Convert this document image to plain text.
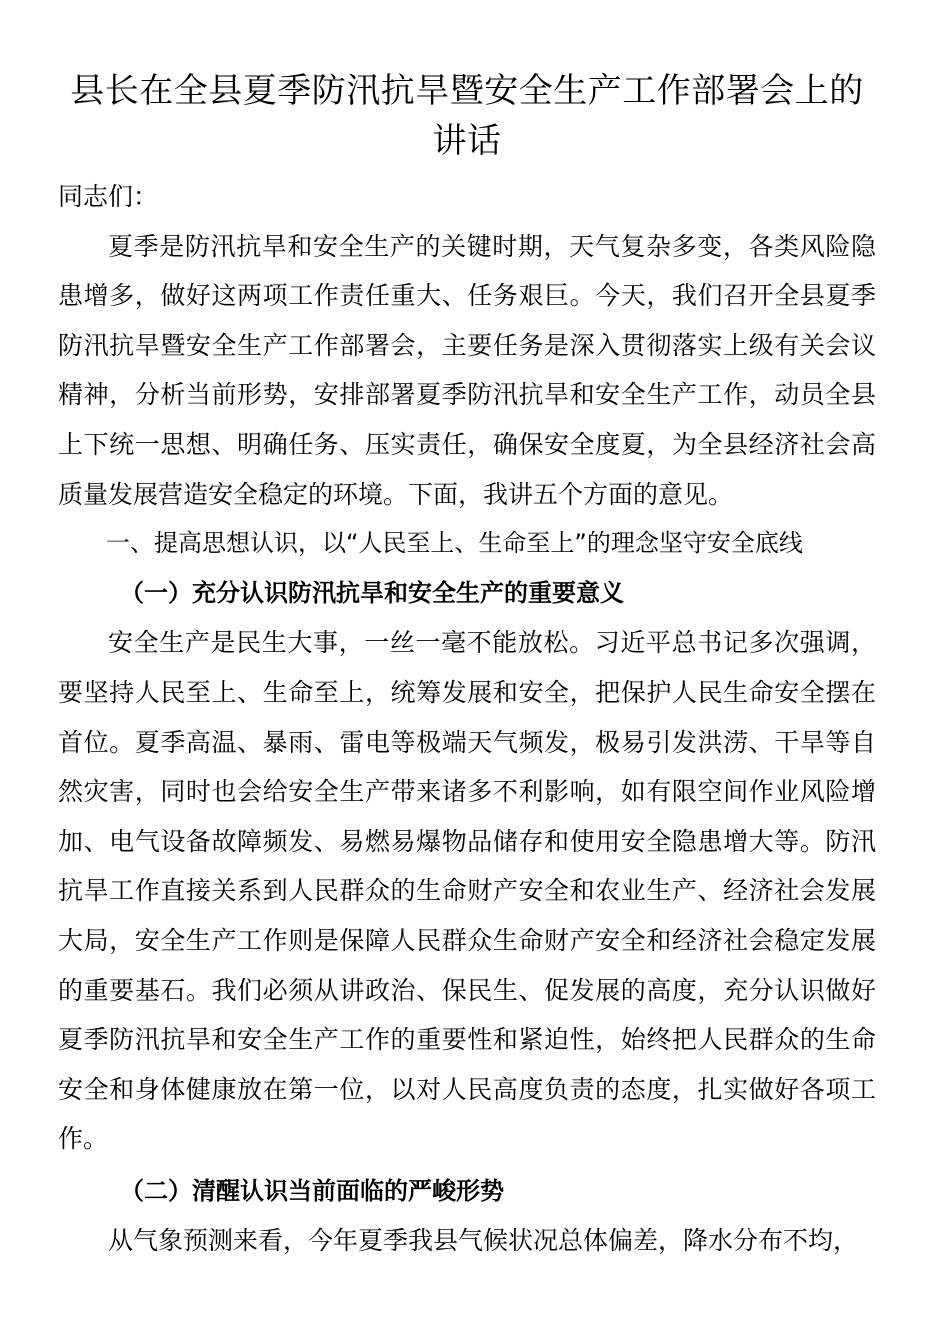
县长在全县夏季防汛抗旱暨安全生产工作部署会上的讲话

同志们：

夏季是防汛抗旱和安全生产的关键时期，天气复杂多变，各类风险隐患增多，做好这两项工作责任重大、任务艰巨。今天，我们召开全县夏季防汛抗旱暨安全生产工作部署会，主要任务是深入贯彻落实上级有关会议精神，分析当前形势，安排部署夏季防汛抗旱和安全生产工作，动员全县上下统一思想、明确任务、压实责任，确保安全度夏，为全县经济社会高质量发展营造安全稳定的环境。下面，我讲五个方面的意见。

一、提高思想认识，以“人民至上、生命至上”的理念坚守安全底线

（一）充分认识防汛抗旱和安全生产的重要意义

安全生产是民生大事，一丝一毫不能放松。习近平总书记多次强调，要坚持人民至上、生命至上，统筹发展和安全，把保护人民生命安全摆在首位。夏季高温、暴雨、雷电等极端天气频发，极易引发洪涝、干旱等自然灾害，同时也会给安全生产带来诸多不利影响，如有限空间作业风险增加、电气设备故障频发、易燃易爆物品储存和使用安全隐患增大等。防汛抗旱工作直接关系到人民群众的生命财产安全和农业生产、经济社会发展大局，安全生产工作则是保障人民群众生命财产安全和经济社会稳定发展的重要基石。我们必须从讲政治、保民生、促发展的高度，充分认识做好夏季防汛抗旱和安全生产工作的重要性和紧迫性，始终把人民群众的生命安全和身体健康放在第一位，以对人民高度负责的态度，扎实做好各项工作。

（二）清醒认识当前面临的严峻形势

从气象预测来看，今年夏季我县气候状况总体偏差，降水分布不均，
